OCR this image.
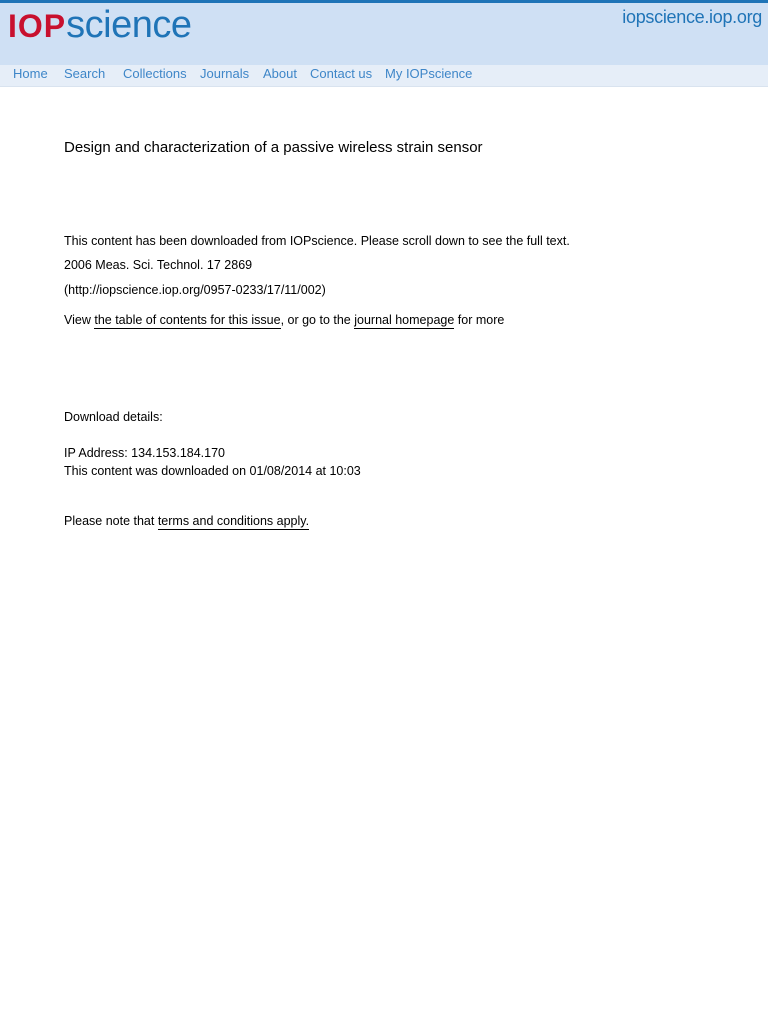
IOPscience	iopscience.iop.org
Home Search Collections Journals About Contact us My IOPscience
Design and characterization of a passive wireless strain sensor
This content has been downloaded from IOPscience. Please scroll down to see the full text.
2006 Meas. Sci. Technol. 17 2869
(http://iopscience.iop.org/0957-0233/17/11/002)
View the table of contents for this issue, or go to the journal homepage for more
Download details:
IP Address: 134.153.184.170
This content was downloaded on 01/08/2014 at 10:03
Please note that terms and conditions apply.
